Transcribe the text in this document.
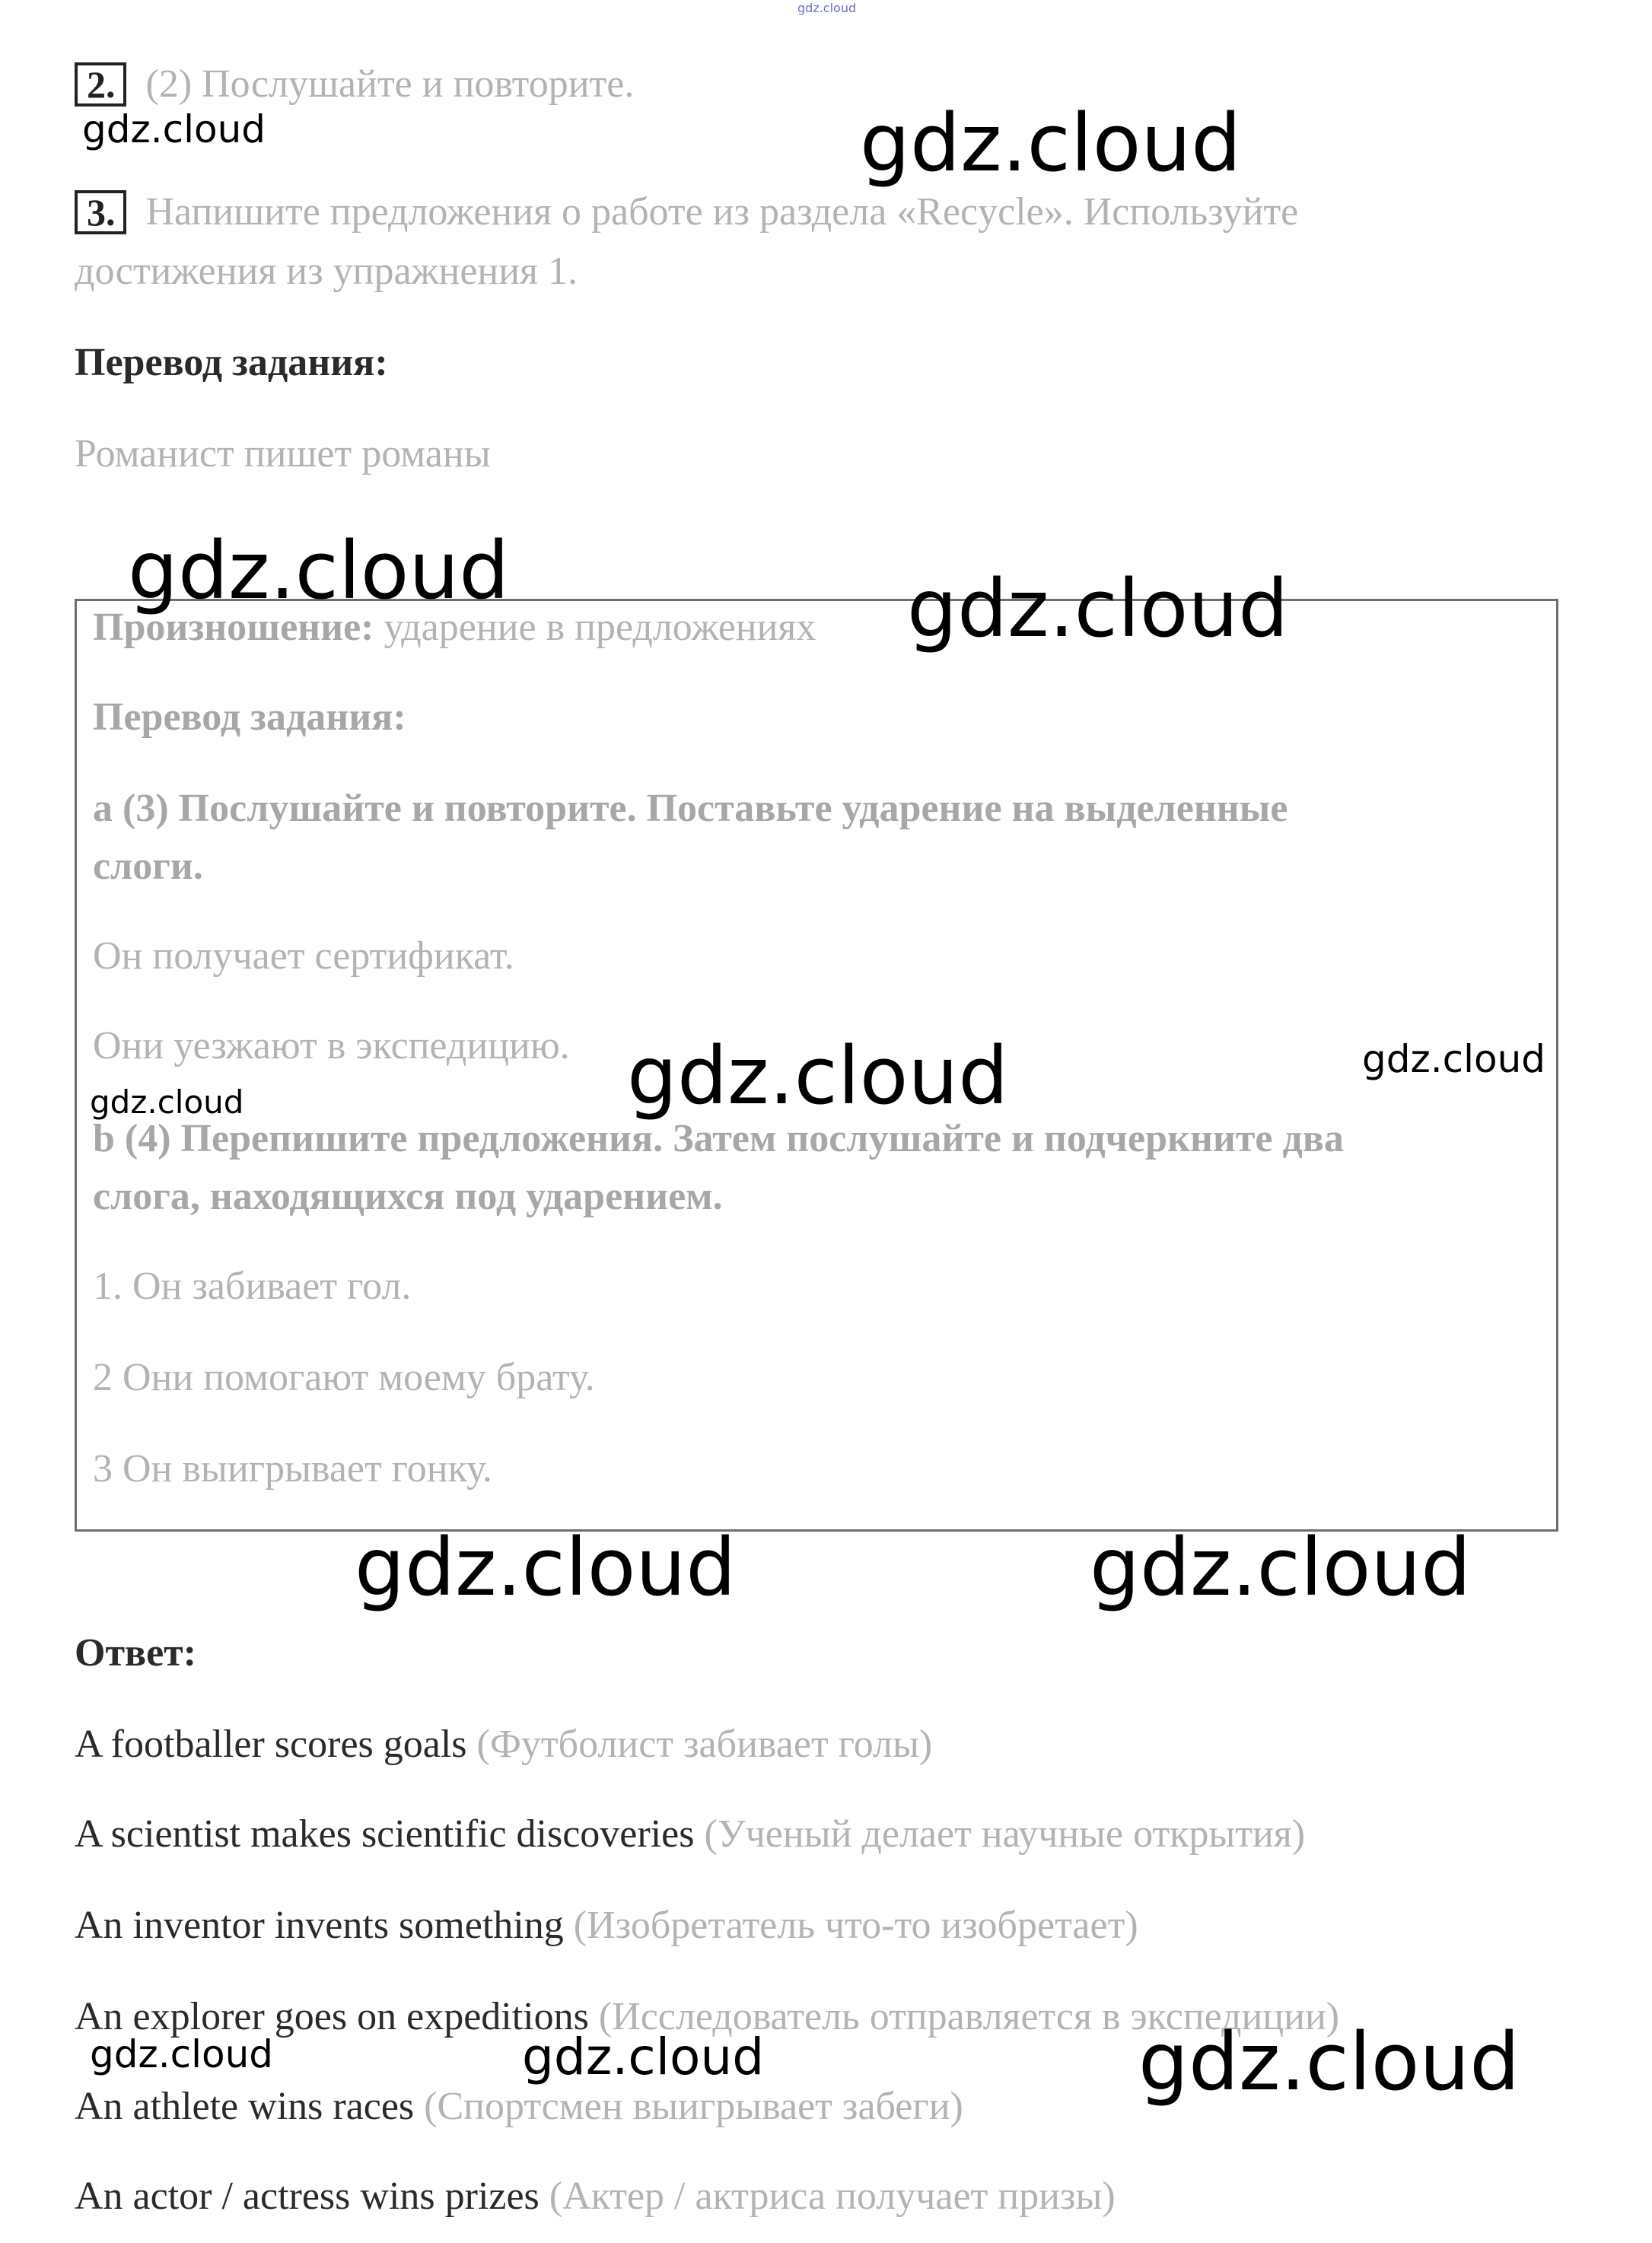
gdz.cloud
2. (2) Послушайте и повторите.
3. Напишите предложения о работе из раздела «Recycle». Используйте
достижения из упражнения 1.
Перевод задания:
Романист пишет романы
Произношение: ударение в предложениях
Перевод задания:
a (3) Послушайте и повторите. Поставьте ударение на выделенные
слоги.
Он получает сертификат.
Они уезжают в экспедицию.
b (4) Перепишите предложения. Затем послушайте и подчеркните два
слога, находящихся под ударением.
1. Он забивает гол.
2 Они помогают моему брату.
3 Он выигрывает гонку.
Ответ:
A footballer scores goals (Футболист забивает голы)
A scientist makes scientific discoveries (Ученый делает научные открытия)
An inventor invents something (Изобретатель что-то изобретает)
An explorer goes on expeditions (Исследователь отправляется в экспедиции)
An athlete wins races (Спортсмен выигрывает забеги)
An actor / actress wins prizes (Актер / актриса получает призы)
gdz.cloud	gdz.cloud
gdz.cloud	gdz.cloud
gdz.cloud	gdz.cloud
gdz.cloud
gdz.cloud	gdz.cloud
gdz.cloud	gdz.cloud	gdz.cloud
